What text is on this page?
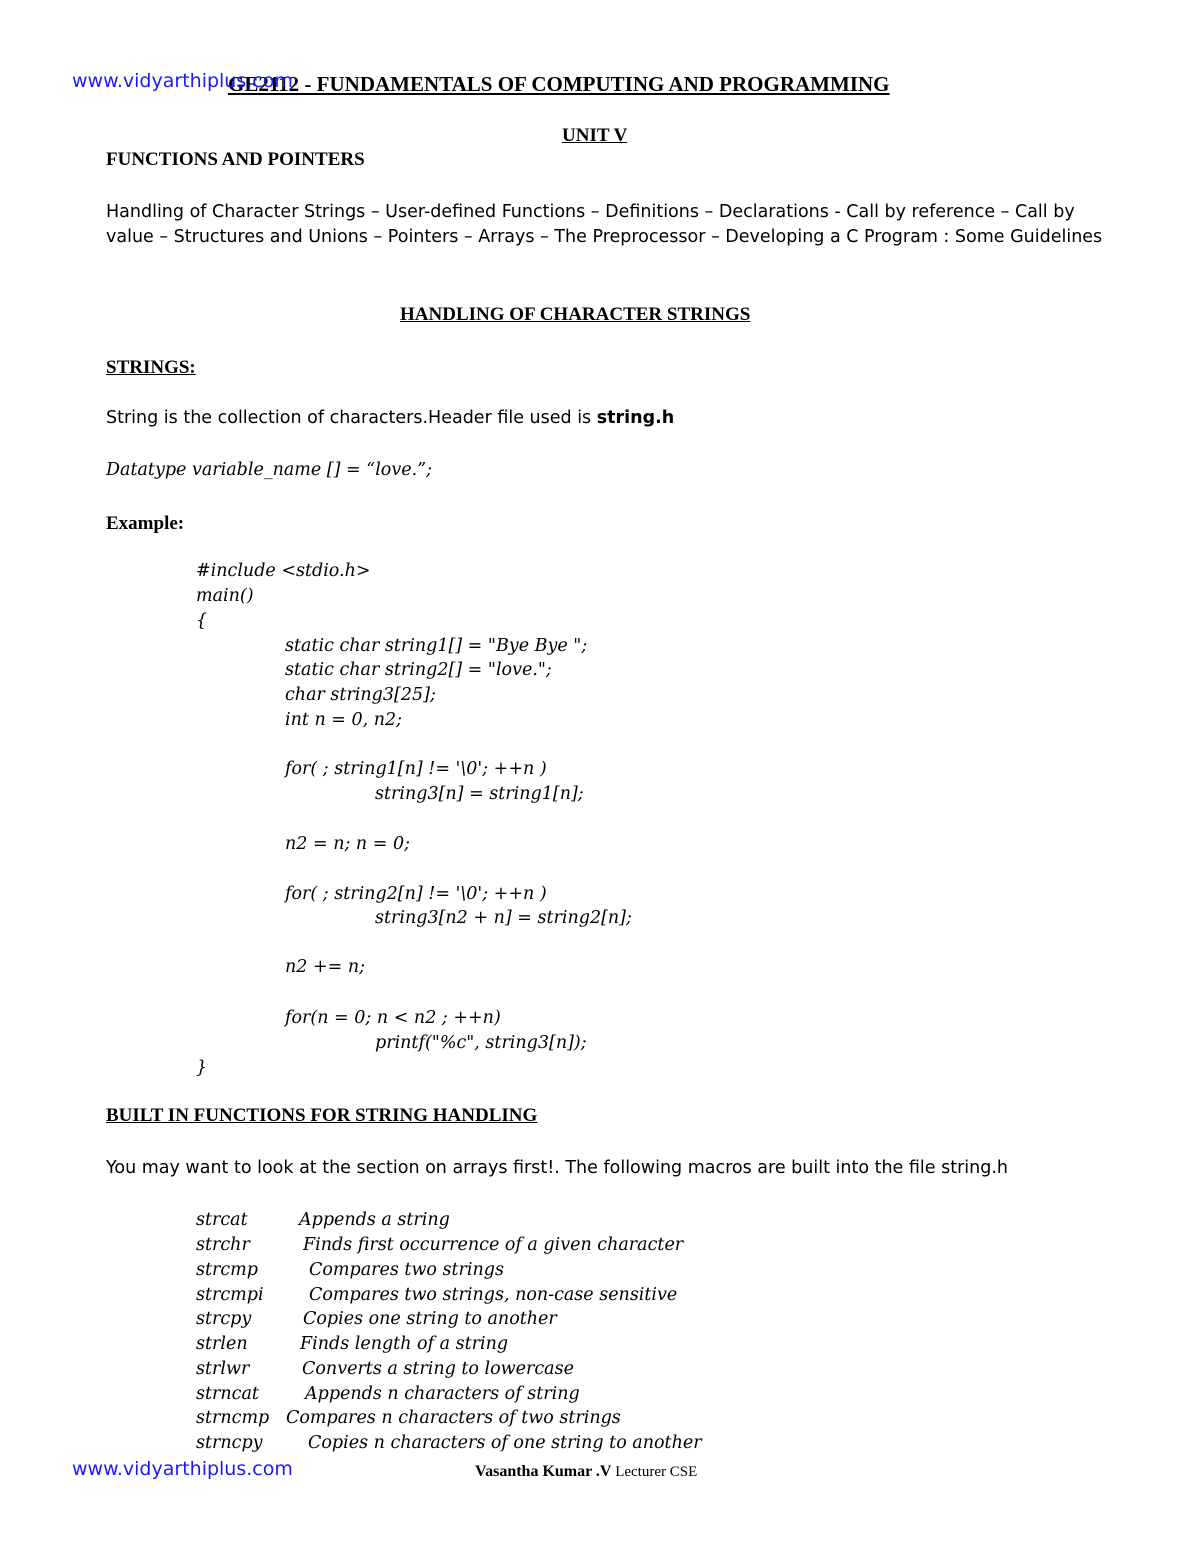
GE2112 - FUNDAMENTALS OF COMPUTING AND PROGRAMMING
www.vidyarthiplus.com
UNIT V
FUNCTIONS AND POINTERS

Handling of Character Strings – User-defined Functions – Definitions – Declarations - Call by reference – Call by value – Structures and Unions – Pointers – Arrays – The Preprocessor – Developing a C Program : Some Guidelines

HANDLING OF CHARACTER STRINGS
STRINGS:
String is the collection of characters.Header file used is string.h
Datatype variable_name [] = “love.”;
Example:
#include <stdio.h>
main()
{
static char string1[] = "Bye Bye ";
static char string2[] = "love.";
char string3[25];
int n = 0, n2;
for( ; string1[n] != '\0'; ++n )
string3[n] = string1[n];
n2 = n; n = 0;
for( ; string2[n] != '\0'; ++n )
string3[n2 + n] = string2[n];
n2 += n;
for(n = 0; n < n2 ; ++n)
printf("%c", string3[n]);
}
BUILT IN FUNCTIONS FOR STRING HANDLING
You may want to look at the section on arrays first!. The following macros are built into the file string.h
strcat	Appends a string
strchr	Finds first occurrence of a given character
strcmp	Compares two strings
strcmpi	Compares two strings, non-case sensitive
strcpy	Copies one string to another
strlen	Finds length of a string
strlwr	Converts a string to lowercase
strncat	Appends n characters of string
strncmp Compares n characters of two strings
strncpy	Copies n characters of one string to another
www.vidyarthiplus.com	Vasantha Kumar .V Lecturer CSE
